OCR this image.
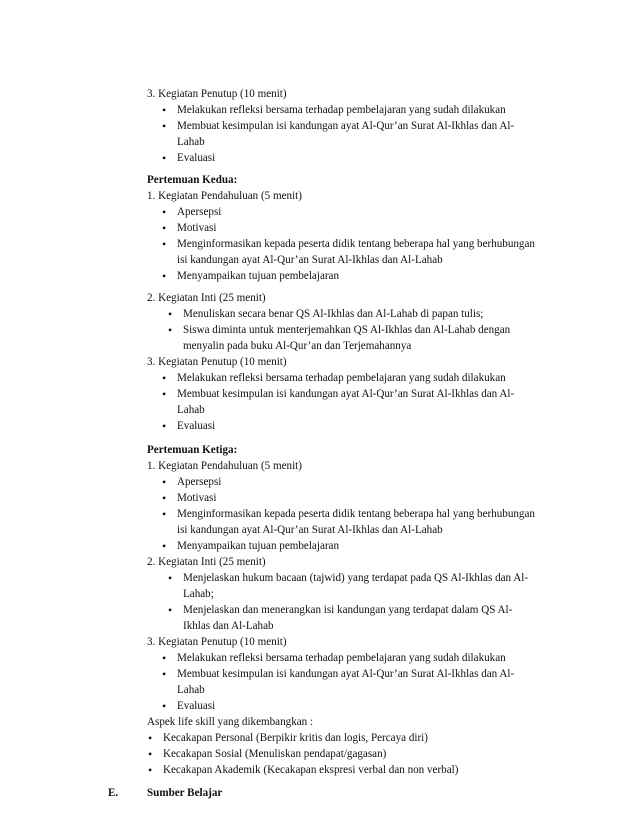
3. Kegiatan Penutup (10 menit)
• Melakukan refleksi bersama terhadap pembelajaran yang sudah dilakukan
• Membuat kesimpulan isi kandungan ayat Al-Qur’an Surat Al-Ikhlas dan Al-
Lahab
• Evaluasi
Pertemuan Kedua:
1. Kegiatan Pendahuluan (5 menit)
• Apersepsi
• Motivasi
• Menginformasikan kepada peserta didik tentang beberapa hal yang berhubungan
isi kandungan ayat Al-Qur’an Surat Al-Ikhlas dan Al-Lahab
• Menyampaikan tujuan pembelajaran
2. Kegiatan Inti (25 menit)
• Menuliskan secara benar QS Al-Ikhlas dan Al-Lahab di papan tulis;
• Siswa diminta untuk menterjemahkan QS Al-Ikhlas dan Al-Lahab dengan
menyalin pada buku Al-Qur’an dan Terjemahannya
3. Kegiatan Penutup (10 menit)
• Melakukan refleksi bersama terhadap pembelajaran yang sudah dilakukan
• Membuat kesimpulan isi kandungan ayat Al-Qur’an Surat Al-Ikhlas dan Al-
Lahab
• Evaluasi
Pertemuan Ketiga:
1. Kegiatan Pendahuluan (5 menit)
• Apersepsi
• Motivasi
• Menginformasikan kepada peserta didik tentang beberapa hal yang berhubungan
isi kandungan ayat Al-Qur’an Surat Al-Ikhlas dan Al-Lahab
• Menyampaikan tujuan pembelajaran
2. Kegiatan Inti (25 menit)
• Menjelaskan hukum bacaan (tajwid) yang terdapat pada QS Al-Ikhlas dan Al-
Lahab;
• Menjelaskan dan menerangkan isi kandungan yang terdapat dalam QS Al-
Ikhlas dan Al-Lahab
3. Kegiatan Penutup (10 menit)
• Melakukan refleksi bersama terhadap pembelajaran yang sudah dilakukan
• Membuat kesimpulan isi kandungan ayat Al-Qur’an Surat Al-Ikhlas dan Al-
Lahab
• Evaluasi
Aspek life skill yang dikembangkan :
• Kecakapan Personal (Berpikir kritis dan logis, Percaya diri)
• Kecakapan Sosial (Menuliskan pendapat/gagasan)
• Kecakapan Akademik (Kecakapan ekspresi verbal dan non verbal)
E.	Sumber Belajar
